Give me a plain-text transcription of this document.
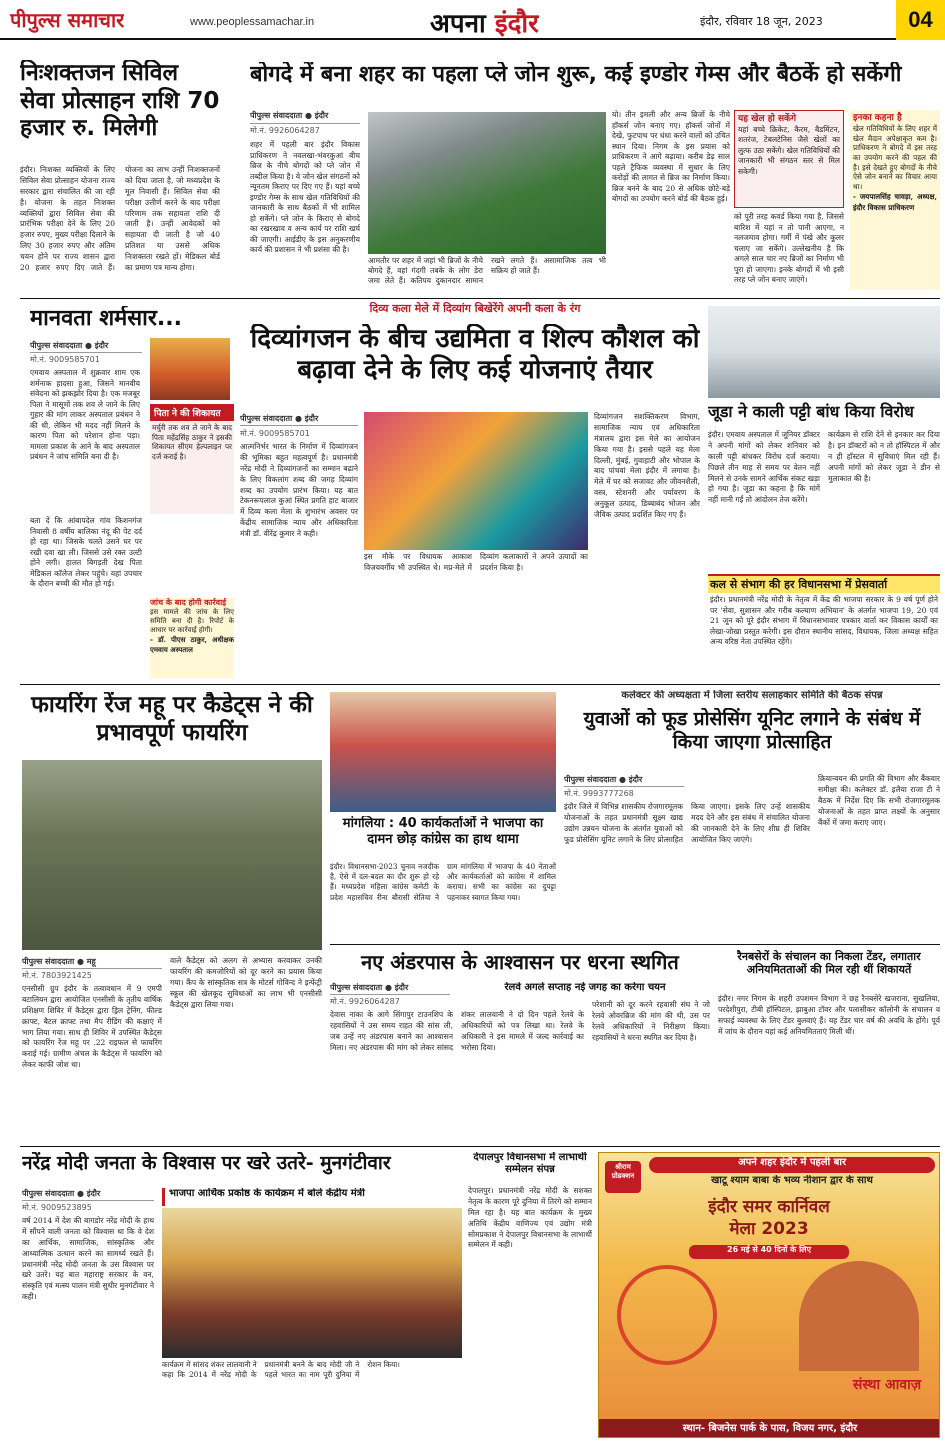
पीपुल्स समाचार	www.peoplessamachar.in	अपना इंदौर	इंदौर, रविवार 18 जून, 2023	04
निःशक्तजन सिविल सेवा प्रोत्साहन राशि 70 हजार रु. मिलेगी
इंदौर। निःशक्त व्यक्तियों के लिए सिविल सेवा प्रोत्साहन योजना राज्य सरकार द्वारा संचालित की जा रही है। योजना के तहत निःशक्त व्यक्तियों द्वारा सिविल सेवा की प्रारंभिक परीक्षा देने के लिए 20 हजार रुपए, मुख्य परीक्षा दिलाने के लिए 30 हजार रुपए और अंतिम चयन होने पर राज्य शासन द्वारा 20 हजार रुपए दिए जाते हैं। योजना का लाभ उन्हीं निःशक्तजनों को दिया जाता है, जो मध्यप्रदेश के मूल निवासी हैं। सिविल सेवा की परीक्षा उत्तीर्ण करने के बाद परीक्षा परिणाम तक सहायता राशि दी जाती है। उन्हीं आवेदकों को सहायता दी जाती है जो 40 प्रतिशत या उससे अधिक निःशक्तता रखते हों। मेडिकल बोर्ड का प्रमाण पत्र मान्य होगा।
बोगदे में बना शहर का पहला प्ले जोन शुरू, कई इण्डोर गेम्स और बैठकें हो सकेंगी
पीपुल्स संवाददाता ● इंदौर
मो.नं. 9926064287
शहर में पहली बार इंदौर विकास प्राधिकरण ने नवलखा-भंवरकुआं बीच ब्रिज के नीचे बोगदों को प्ले जोन में तब्दील किया है। ये जोन खेल संगठनों को न्यूनतम किराए पर दिए गए हैं। यहां बच्चे इण्डोर गेम्स के साथ खेल गतिविधियों की जानकारी के साथ बैठकों में भी शामिल हो सकेंगे। प्ले जोन के किराए से बोगदे का रखरखाव व अन्य कार्य पर राशि खर्च की जाएगी। आईडीए के इस अनुकरणीय कार्य की प्रशासन ने भी प्रशंसा की है।
आमतौर पर शहर में जहां भी ब्रिजों के नीचे बोगदे हैं, वहां गंदगी तबके के लोग डेरा जमा लेते हैं। कतिपय दुकानदार सामान रखने लगते हैं। असामाजिक तत्व भी सक्रिय हो जाते हैं।
यो। तीन इमली और अन्य ब्रिजों के नीचे हॉकर्स जोन बनाए गए। हॉकर्स जोनों में देखे, फुटपाथ पर धंधा करने वालों को उचित स्थान दिया। निगम के इस प्रयास को प्राधिकरण ने आगे बढ़ाया। करीब डेढ़ साल पहले ट्रैफिक व्यवस्था में सुधार के लिए करोड़ों की लागत से ब्रिज का निर्माण किया। ब्रिज बनने के बाद 20 से अधिक छोटे-बड़े बोगदों का उपयोग करने बोर्ड की बैठक हुई।
यह खेल हो सकेंगे
यहां बच्चे क्रिकेट, कैरम, बैडमिंटन, शतरंज, टेबलटेनिस जैसे खेलों का लुत्फ उठा सकेंगे। खेल गतिविधियों की जानकारी भी संगठन स्तर से मिल सकेगी।
को पूरी तरह कवर्ड किया गया है, जिससे बारिश में यहां न तो पानी आएगा, न नलजमाव होगा। गर्मी में पंखे और कूलर चलाए जा सकेंगे। उल्लेखनीय है कि अगले साल चार नए ब्रिजों का निर्माण भी पूरा हो जाएगा। इनके बोगदों में भी इसी तरह प्ले जोन बनाए जाएंगे।
इनका कहना है
खेल गतिविधियों के लिए शहर में खेल मैदान अपेक्षाकृत कम है। प्राधिकरण ने बोगदे में इस तरह का उपयोग करने की पहल की है। इसे देखते हुए बोगदों के नीचे ऐसे जोन बनाने का विचार आया था।
- जयपालसिंह चावड़ा, अध्यक्ष, इंदौर विकास प्राधिकरण
मानवता शर्मसार...
पीपुल्स संवाददाता ● इंदौर
मो.नं. 9009585701
एमवाय अस्पताल में शुक्रवार शाम एक शर्मनाक हादसा हुआ, जिसने मानवीय संवेदना को झकझोर दिया है। एक मजबूर पिता ने मासूमों तक शव ले जाने के लिए गुहार की मांग लाकर अस्पताल प्रबंधन ने की थी, लेकिन भी मदद नहीं मिलने के कारण पिता को परेशान होना पड़ा। मामला प्रकाश के आने के बाद अस्पताल प्रबंधन ने जांच समिति बना दी है।
पिता ने की शिकायत
मर्चुरी तक शव ले जाने के बाद पिता महेंद्रसिंह ठाकुर ने इसकी शिकायत सीएम हेल्पलाइन पर दर्ज कराई है।
बता दें कि आंबापदेल गांव किशनगंज निवासी 8 वर्षीय बालिका नंदू की पेट दर्द हो रहा था। जिसके चलते उसने घर पर रखी दवा खा ली। जिससे उसे रक्त उल्टी होने लगी। हालत बिगड़ती देख पिता मेडिकल कॉलेज लेकर पहुंचे। यहां उपचार के दौरान बच्ची की मौत हो गई।
जांच के बाद होगी कार्रवाई
इस मामले की जांच के लिए समिति बना दी है। रिपोर्ट के आधार पर कार्रवाई होगी।
- डॉ. पीएस ठाकुर, अधीक्षक एमवाय अस्पताल
दिव्य कला मेले में दिव्यांग बिखेरेंगे अपनी कला के रंग
दिव्यांगजन के बीच उद्यमिता व शिल्प कौशल को बढ़ावा देने के लिए कई योजनाएं तैयार
पीपुल्स संवाददाता ● इंदौर
मो.नं. 9009585701
आत्मनिर्भर भारत के निर्माण में दिव्यांगजन की भूमिका बहुत महत्वपूर्ण है। प्रधानमंत्री नरेंद्र मोदी ने दिव्यांगजनों का सम्मान बढ़ाने के लिए विकलांग शब्द की जगह दिव्यांग शब्द का उपयोग प्रारंभ किया। यह बात टेकनरूपलाल कुआं स्थित प्रगति हाट बाजार में दिव्य कला मेला के शुभारंभ अवसर पर केंद्रीय सामाजिक न्याय और अधिकारिता मंत्री डॉ. वीरेंद्र कुमार ने कही।
इस मौके पर विधायक आकाश विजयवर्गीय भी उपस्थित थे। मप्र-मेले में दिव्यांग कलाकारों ने अपने उत्पादों का प्रदर्शन किया है।
दिव्यांगजन सशक्तिकरण विभाग, सामाजिक न्याय एवं अधिकारिता मंत्रालय द्वारा इस मेले का आयोजन किया गया है। इससे पहले यह मेला दिल्ली, मुंबई, गुवाहाटी और भोपाल के बाद पांचवां मेला इंदौर में लगाया है। मेले में घर को सजावट और जीवनशैली, वस्त्र, स्टेशनरी और पर्यावरण के अनुकूल उत्पाद, डिब्बाबंद भोजन और जैविक उत्पाद प्रदर्शित किए गए हैं।
जूडा ने काली पट्टी बांध किया विरोध
इंदौर। एमवाय अस्पताल में जूनियर डॉक्टर ने अपनी मांगों को लेकर शनिवार को काली पट्टी बांधकर विरोध दर्ज कराया। पिछले तीन माह से समय पर वेतन नहीं मिलने से उनके सामने आर्थिक संकट खड़ा हो गया है। जूडा का कहना है कि मांगें नहीं मानी गईं तो आंदोलन तेज करेंगे।
कार्यक्रम से राशि देने से इनकार कर दिया है। इन डॉक्टरों को न तो हॉस्पिटल में और न ही हॉस्टल में सुविधाएं मिल रही हैं। अपनी मांगों को लेकर जूडा ने डीन से मुलाकात की है।
कल से संभाग की हर विधानसभा में प्रेसवार्ता
इंदौर। प्रधानमंत्री नरेंद्र मोदी के नेतृत्व में केंद्र की भाजपा सरकार के 9 वर्ष पूर्ण होने पर 'सेवा, सुशासन और गरीब कल्याण अभियान' के अंतर्गत भाजपा 19, 20 एवं 21 जून को पूरे इंदौर संभाग में विधानसभावार पत्रकार वार्ता कर विकास कार्यों का लेखा-जोखा प्रस्तुत करेगी। इस दौरान स्थानीय सांसद, विधायक, जिला अध्यक्ष सहित अन्य वरिष्ठ नेता उपस्थित रहेंगे।
फायरिंग रेंज महू पर कैडेट्स ने की प्रभावपूर्ण फायरिंग
पीपुल्स संवाददाता ● महू
मो.नं. 7803921425
एनसीसी ग्रुप इंदौर के तत्वावधान में 9 एमपी बटालियन द्वारा आयोजित एनसीसी के तृतीय वार्षिक प्रशिक्षण शिविर में कैडेट्स द्वारा ड्रिल ट्रेनिंग, फील्ड क्राफ्ट, बैटल क्राफ्ट तथा मैप रीडिंग की कक्षाएं में भाग लिया गया। साथ ही शिविर में उपस्थित कैडेट्स को फायरिंग रेंज महू पर .22 राइफल से फायरिंग कराई गई। ग्रामीण अंचल के कैडेट्स में फायरिंग को लेकर काफी जोश था।
वाले कैडेट्स को अलग से अभ्यास करवाकर उनकी फायरिंग की कमजोरियों को दूर करने का प्रयास किया गया। कैंप के सांस्कृतिक सत्र के मोटर्स गोविन्द ने इन्फेंट्री स्कूल की खेलकूद सुविधाओं का लाभ भी एनसीसी कैडेट्स द्वारा लिया गया।
मांगलिया : 40 कार्यकर्ताओं ने भाजपा का दामन छोड़ कांग्रेस का हाथ थामा
इंदौर। विधानसभा-2023 चुनाव नजदीक है, ऐसे में दल-बदल का दौर शुरू हो रहे हैं। मध्यप्रदेश महिला कांग्रेस कमेटी के प्रदेश महासचिव रीना बौरासी सेतिया ने ग्राम मांगलिया में भाजपा के 40 नेताओं और कार्यकर्ताओं को कांग्रेस में शामिल कराया। सभी का कांग्रेस का दुपट्टा पहनाकर स्वागत किया गया।
कलेक्टर की अध्यक्षता में जिला स्तरीय सलाहकार समिति की बैठक संपन्न
युवाओं को फूड प्रोसेसिंग यूनिट लगाने के संबंध में किया जाएगा प्रोत्साहित
पीपुल्स संवाददाता ● इंदौर
मो.नं. 9993777268
इंदौर जिले में विभिन्न शासकीय रोजगारमूलक योजनाओं के तहत प्रधानमंत्री सूक्ष्म खाद्य उद्योग उन्नयन योजना के अंतर्गत युवाओं को फूड प्रोसेसिंग यूनिट लगाने के लिए प्रोत्साहित किया जाएगा। इसके लिए उन्हें शासकीय मदद देने और इस संबंध में संचालित योजना की जानकारी देने के लिए शीघ्र ही शिविर आयोजित किए जाएंगे।
क्रियान्वयन की प्रगति की विभाग और बैंकवार समीक्षा की। कलेक्टर डॉ. इलैया राजा टी ने बैठक में निर्देश दिए कि सभी रोजगारमूलक योजनाओं के तहत प्राप्त लक्ष्यों के अनुसार बैंकों में जमा कराए जाए।
नए अंडरपास के आश्वासन पर धरना स्थगित
रेलवे अगले सप्ताह नई जगह का करेगा चयन
पीपुल्स संवाददाता ● इंदौर
मो.नं. 9926064287
देवास नाका के आगे सिंगापुर टाउनशिप के रहवासियों ने उस समय राहत की सांस ली, जब उन्हें नए अंडरपास बनाने का आश्वासन मिला। नए अंडरपास की मांग को लेकर सांसद शंकर लालवानी ने दो दिन पहले रेलवे के अधिकारियों को पत्र लिखा था। रेलवे के अधिकारी ने इस मामले में जल्द कार्रवाई का भरोसा दिया।
परेशानी को दूर करने रहवासी संघ ने जो रेलवे ओवरब्रिज की मांग की थी, उस पर रेलवे अधिकारियों ने निरीक्षण किया। रहवासियों ने धरना स्थगित कर दिया है।
रैनबसेरों के संचालन का निकला टेंडर, लगातार अनियमितताओं की मिल रही थीं शिकायतें
इंदौर। नगर निगम के शहरी उपशमन विभाग ने छह रैनबसेरे खजराना, सुखलिया, परदेशीपुरा, टीबी हॉस्पिटल, झाबुआ टॉवर और पलासीकर कॉलोनी के संचालन व सफाई व्यवस्था के लिए टेंडर बुलवाएं हैं। यह टेंडर चार वर्ष की अवधि के होंगे। पूर्व में जांच के दौरान यहां कई अनियमितताएं मिली थीं।
नरेंद्र मोदी जनता के विश्वास पर खरे उतरे- मुनगंटीवार
पीपुल्स संवाददाता ● इंदौर
मो.नं. 9009523895
वर्ष 2014 में देश की बागडोर नरेंद्र मोदी के हाथ में सौंपने वाली जनता को विश्वास था कि वे देश का आर्थिक, सामाजिक, सांस्कृतिक और आध्यात्मिक उत्थान करने का सामर्थ्य रखते हैं। प्रधानमंत्री नरेंद्र मोदी जनता के उस विश्वास पर खरे उतरे। यह बात महाराष्ट्र सरकार के वन, संस्कृति एवं मत्स्य पालन मंत्री सुधीर मुनगंटीवार ने कही।
भाजपा आर्थिक प्रकोष्ठ के कार्यक्रम में बोले केंद्रीय मंत्री
कार्यक्रम में सांसद शंकर लालवानी ने कहा कि 2014 में नरेंद्र मोदी के प्रधानमंत्री बनने के बाद मोदी जी ने पहले भारत का नाम पूरी दुनिया में रोशन किया।
देपालपुर विधानसभा में लाभार्थी सम्मेलन संपन्न
देपालपुर। प्रधानमंत्री नरेंद्र मोदी के सशक्त नेतृत्व के कारण पूरे दुनिया में तिरंगे को सम्मान मिल रहा है। यह बात कार्यक्रम के मुख्य अतिथि केंद्रीय वाणिज्य एवं उद्योग मंत्री सोमप्रकाश ने देपालपुर विधानसभा के लाभार्थी सम्मेलन में कही।
श्रीराम प्रोडक्शन
अपने शहर इंदौर में पहली बार
खाटू श्याम बाबा के भव्य नीशान द्वार के साथ
इंदौर समर कार्निवल
मेला 2023
26 मई से 40 दिनों के लिए
संस्था आवाज़
स्थान- बिजनेस पार्क के पास, विजय नगर, इंदौर
